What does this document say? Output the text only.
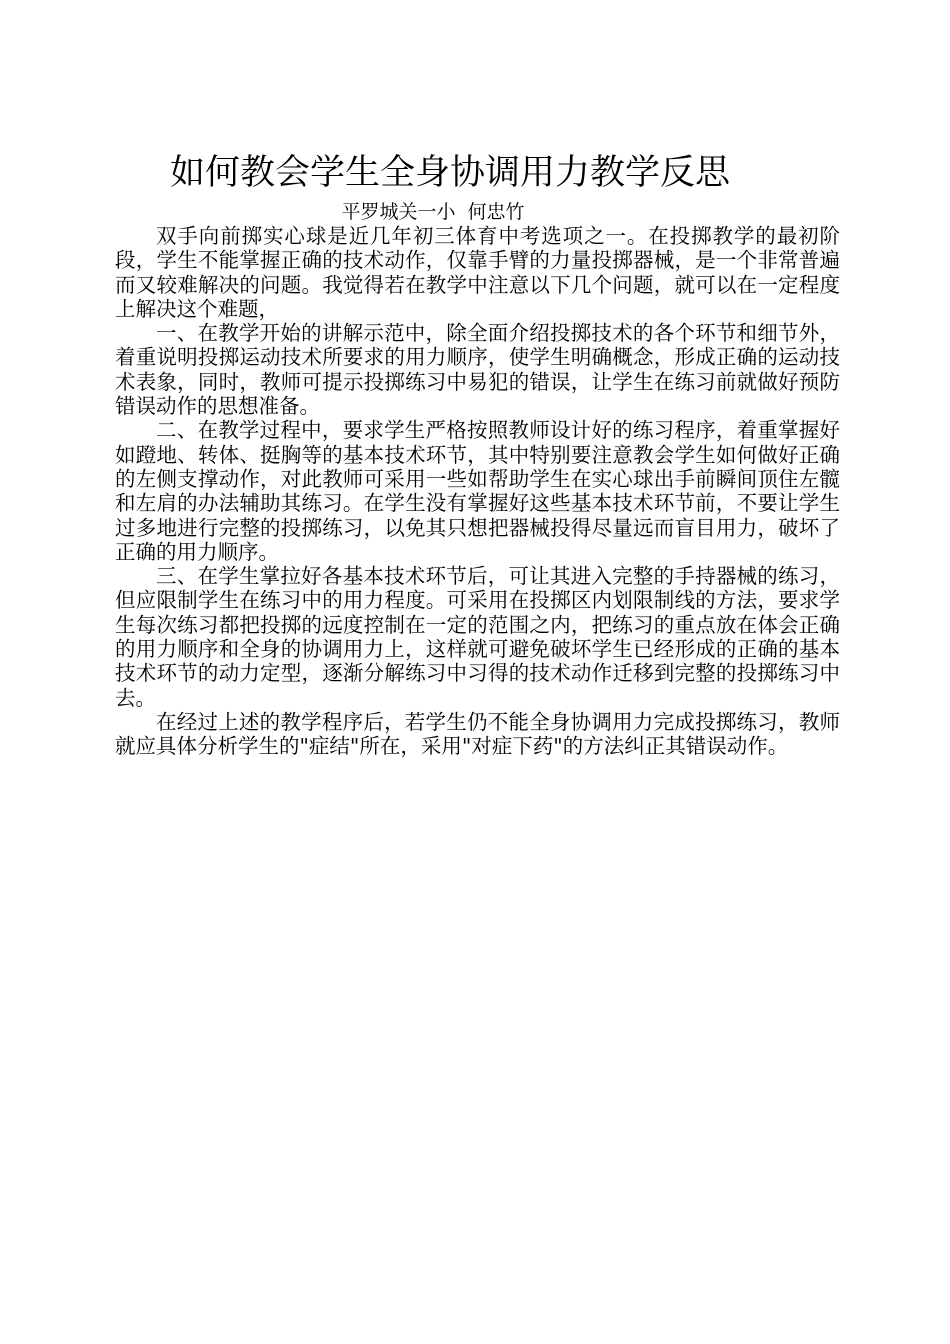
如何教会学生全身协调用力教学反思
平罗城关一小  何忠竹

双手向前掷实心球是近几年初三体育中考选项之一。在投掷教学的最初阶段，学生不能掌握正确的技术动作，仅靠手臂的力量投掷器械，是一个非常普遍而又较难解决的问题。我觉得若在教学中注意以下几个问题，就可以在一定程度上解决这个难题，

一、在教学开始的讲解示范中，除全面介绍投掷技术的各个环节和细节外，着重说明投掷运动技术所要求的用力顺序，使学生明确概念，形成正确的运动技术表象，同时，教师可提示投掷练习中易犯的错误，让学生在练习前就做好预防错误动作的思想准备。

二、在教学过程中，要求学生严格按照教师设计好的练习程序，着重掌握好如蹬地、转体、挺胸等的基本技术环节，其中特别要注意教会学生如何做好正确的左侧支撑动作，对此教师可采用一些如帮助学生在实心球出手前瞬间顶住左髋和左肩的办法辅助其练习。在学生没有掌握好这些基本技术环节前，不要让学生过多地进行完整的投掷练习，以免其只想把器械投得尽量远而盲目用力，破坏了正确的用力顺序。

三、在学生掌拉好各基本技术环节后，可让其进入完整的手持器械的练习，但应限制学生在练习中的用力程度。可采用在投掷区内划限制线的方法，要求学生每次练习都把投掷的远度控制在一定的范围之内，把练习的重点放在体会正确的用力顺序和全身的协调用力上，这样就可避免破坏学生已经形成的正确的基本技术环节的动力定型，逐渐分解练习中习得的技术动作迁移到完整的投掷练习中去。

在经过上述的教学程序后，若学生仍不能全身协调用力完成投掷练习，教师就应具体分析学生的"症结"所在，采用"对症下药"的方法纠正其错误动作。
